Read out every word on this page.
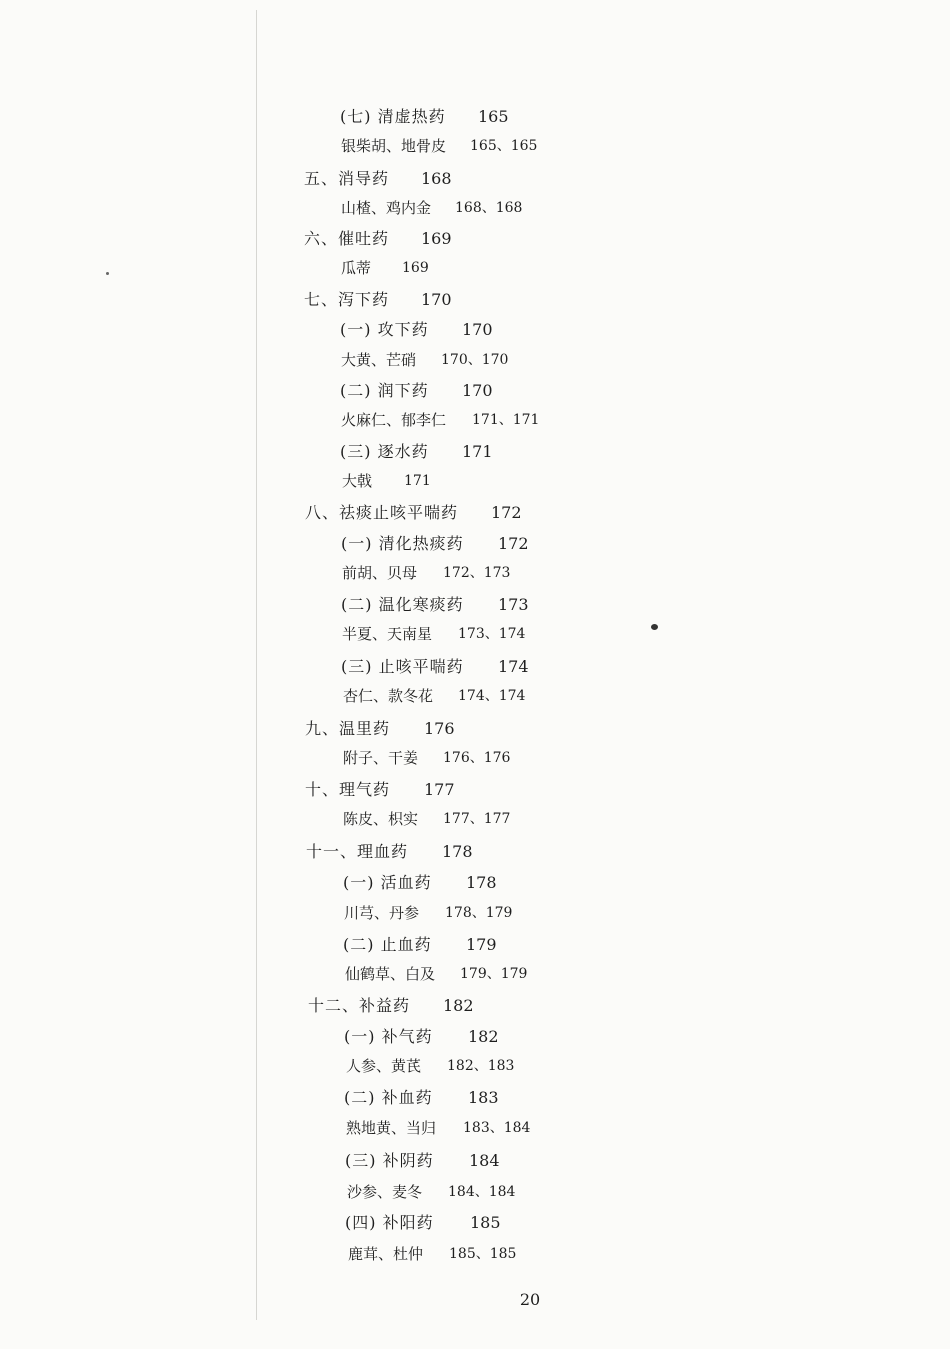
(七) 清虚热药 165
银柴胡、地骨皮 165、165
五、消导药 168
山楂、鸡内金 168、168
六、催吐药 169
瓜蒂 169
七、泻下药 170
(一) 攻下药 170
大黄、芒硝 170、170
(二) 润下药 170
火麻仁、郁李仁 171、171
(三) 逐水药 171
大戟 171
八、祛痰止咳平喘药 172
(一) 清化热痰药 172
前胡、贝母 172、173
(二) 温化寒痰药 173
半夏、天南星 173、174
(三) 止咳平喘药 174
杏仁、款冬花 174、174
九、温里药 176
附子、干姜 176、176
十、理气药 177
陈皮、枳实 177、177
十一、理血药 178
(一) 活血药 178
川芎、丹参 178、179
(二) 止血药 179
仙鹤草、白及 179、179
十二、补益药 182
(一) 补气药 182
人参、黄芪 182、183
(二) 补血药 183
熟地黄、当归 183、184
(三) 补阴药 184
沙参、麦冬 184、184
(四) 补阳药 185
鹿茸、杜仲 185、185
20
